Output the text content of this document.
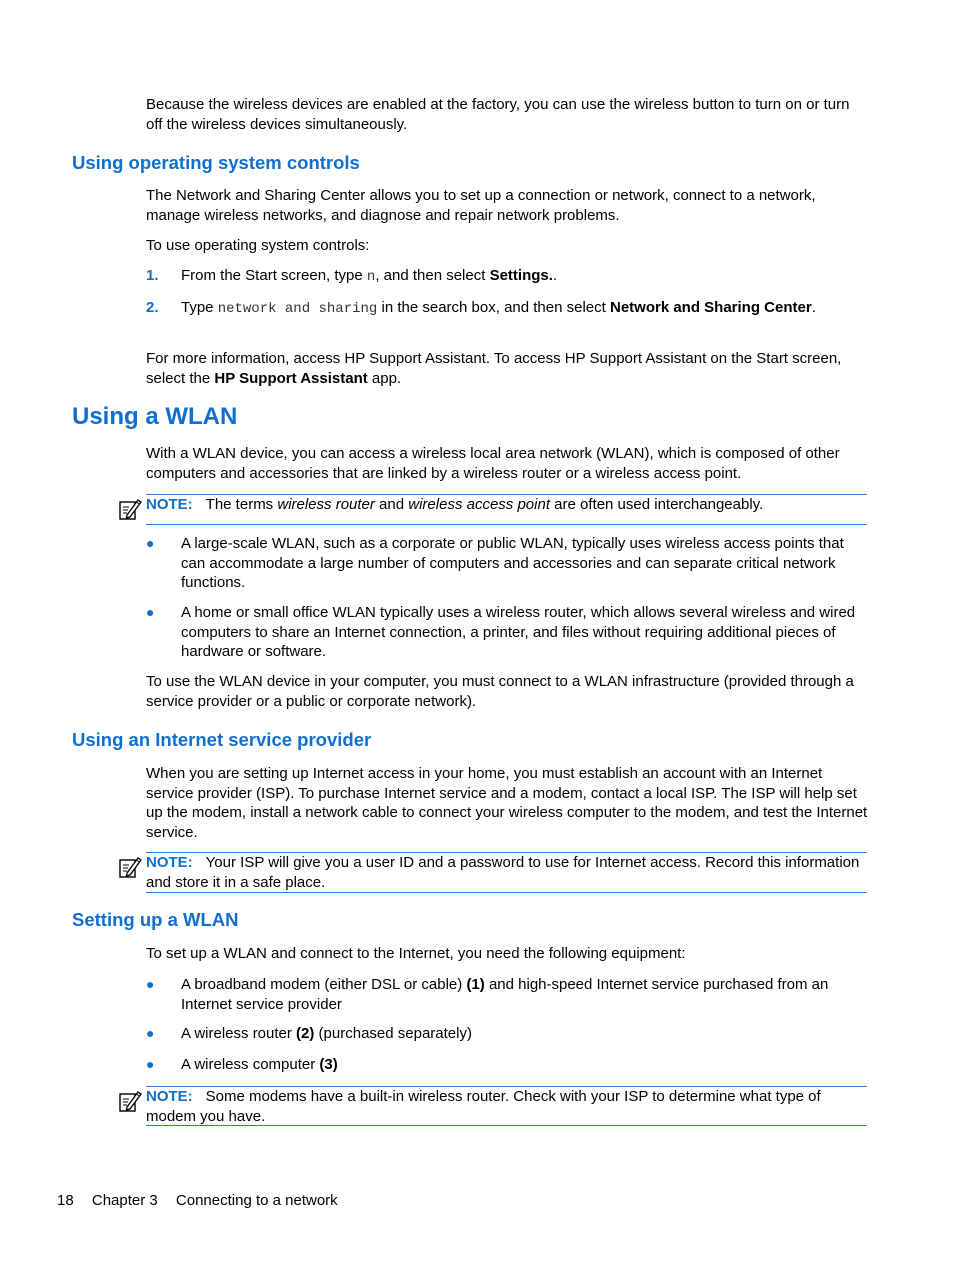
Because the wireless devices are enabled at the factory, you can use the wireless button to turn on or turn off the wireless devices simultaneously.

Using operating system controls

The Network and Sharing Center allows you to set up a connection or network, connect to a network, manage wireless networks, and diagnose and repair network problems.

To use operating system controls:

1. From the Start screen, type n, and then select Settings..
2. Type network and sharing in the search box, and then select Network and Sharing Center.

For more information, access HP Support Assistant. To access HP Support Assistant on the Start screen, select the HP Support Assistant app.

Using a WLAN

With a WLAN device, you can access a wireless local area network (WLAN), which is composed of other computers and accessories that are linked by a wireless router or a wireless access point.

NOTE: The terms wireless router and wireless access point are often used interchangeably.

● A large-scale WLAN, such as a corporate or public WLAN, typically uses wireless access points that can accommodate a large number of computers and accessories and can separate critical network functions.
● A home or small office WLAN typically uses a wireless router, which allows several wireless and wired computers to share an Internet connection, a printer, and files without requiring additional pieces of hardware or software.

To use the WLAN device in your computer, you must connect to a WLAN infrastructure (provided through a service provider or a public or corporate network).

Using an Internet service provider

When you are setting up Internet access in your home, you must establish an account with an Internet service provider (ISP). To purchase Internet service and a modem, contact a local ISP. The ISP will help set up the modem, install a network cable to connect your wireless computer to the modem, and test the Internet service.

NOTE: Your ISP will give you a user ID and a password to use for Internet access. Record this information and store it in a safe place.

Setting up a WLAN

To set up a WLAN and connect to the Internet, you need the following equipment:

● A broadband modem (either DSL or cable) (1) and high-speed Internet service purchased from an Internet service provider
● A wireless router (2) (purchased separately)
● A wireless computer (3)

NOTE: Some modems have a built-in wireless router. Check with your ISP to determine what type of modem you have.

18 Chapter 3 Connecting to a network
